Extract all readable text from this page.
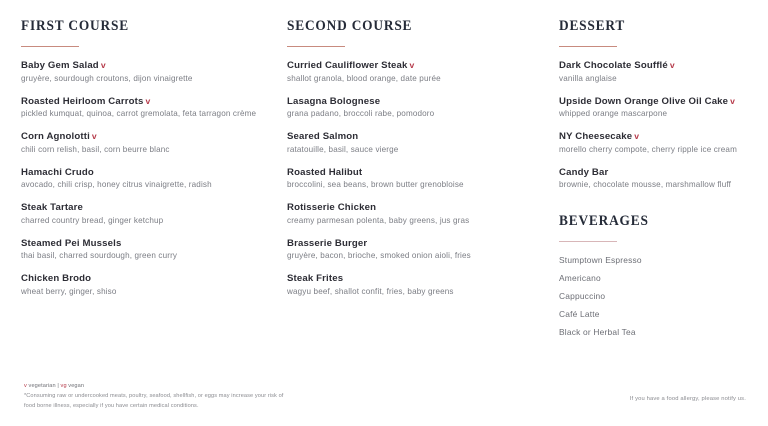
FIRST COURSE

Baby Gem Salad v

gruyère, sourdough croutons, dijon vinaigrette

Roasted Heirloom Carrots v

pickled kumquat, quinoa, carrot gremolata, feta tarragon crème

Corn Agnolotti v

chili corn relish, basil, corn beurre blanc

Hamachi Crudo

avocado, chili crisp, honey citrus vinaigrette, radish

Steak Tartare

charred country bread, ginger ketchup

Steamed Pei Mussels

thai basil, charred sourdough, green curry

Chicken Brodo

wheat berry, ginger, shiso

SECOND COURSE

Curried Cauliflower Steak v

shallot granola, blood orange, date purée

Lasagna Bolognese

grana padano, broccoli rabe, pomodoro

Seared Salmon

ratatouille, basil, sauce vierge

Roasted Halibut

broccolini, sea beans, brown butter grenobloise

Rotisserie Chicken

creamy parmesan polenta, baby greens, jus gras

Brasserie Burger

gruyère, bacon, brioche, smoked onion aioli, fries

Steak Frites

wagyu beef, shallot confit, fries, baby greens

DESSERT

Dark Chocolate Soufflé v

vanilla anglaise

Upside Down Orange Olive Oil Cake v

whipped orange mascarpone

NY Cheesecake v

morello cherry compote, cherry ripple ice cream

Candy Bar

brownie, chocolate mousse, marshmallow fluff

BEVERAGES
Stumptown Espresso
Americano
Cappuccino
Café Latte
Black or Herbal Tea

v vegetarian | vg vegan

*Consuming raw or undercooked meats, poultry, seafood, shellfish, or eggs may increase your risk of food borne illness, especially if you have certain medical conditions.

If you have a food allergy, please notify us.
